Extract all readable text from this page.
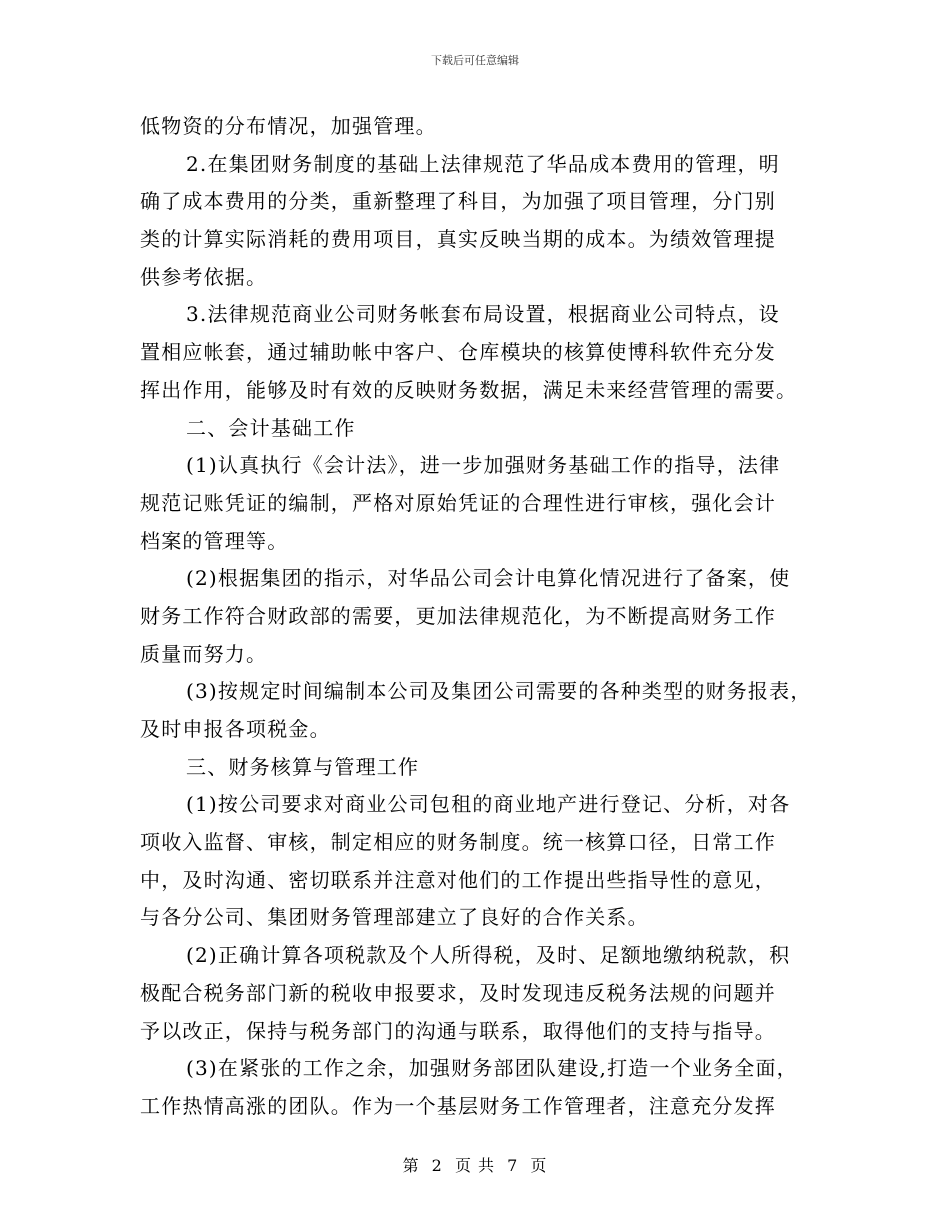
下载后可任意编辑
低物资的分布情况，加强管理。
2.在集团财务制度的基础上法律规范了华品成本费用的管理，明
确了成本费用的分类，重新整理了科目，为加强了项目管理，分门别
类的计算实际消耗的费用项目，真实反映当期的成本。为绩效管理提
供参考依据。
3.法律规范商业公司财务帐套布局设置，根据商业公司特点，设
置相应帐套，通过辅助帐中客户、仓库模块的核算使博科软件充分发
挥出作用，能够及时有效的反映财务数据，满足未来经营管理的需要。
二、会计基础工作
(1)认真执行《会计法》，进一步加强财务基础工作的指导，法律
规范记账凭证的编制，严格对原始凭证的合理性进行审核，强化会计
档案的管理等。
(2)根据集团的指示，对华品公司会计电算化情况进行了备案，使
财务工作符合财政部的需要，更加法律规范化，为不断提高财务工作
质量而努力。
(3)按规定时间编制本公司及集团公司需要的各种类型的财务报表，
及时申报各项税金。
三、财务核算与管理工作
(1)按公司要求对商业公司包租的商业地产进行登记、分析，对各
项收入监督、审核，制定相应的财务制度。统一核算口径，日常工作
中，及时沟通、密切联系并注意对他们的工作提出些指导性的意见，
与各分公司、集团财务管理部建立了良好的合作关系。
(2)正确计算各项税款及个人所得税，及时、足额地缴纳税款，积
极配合税务部门新的税收申报要求，及时发现违反税务法规的问题并
予以改正，保持与税务部门的沟通与联系，取得他们的支持与指导。
(3)在紧张的工作之余，加强财务部团队建设,打造一个业务全面，
工作热情高涨的团队。作为一个基层财务工作管理者，注意充分发挥
第 2 页 共 7 页
